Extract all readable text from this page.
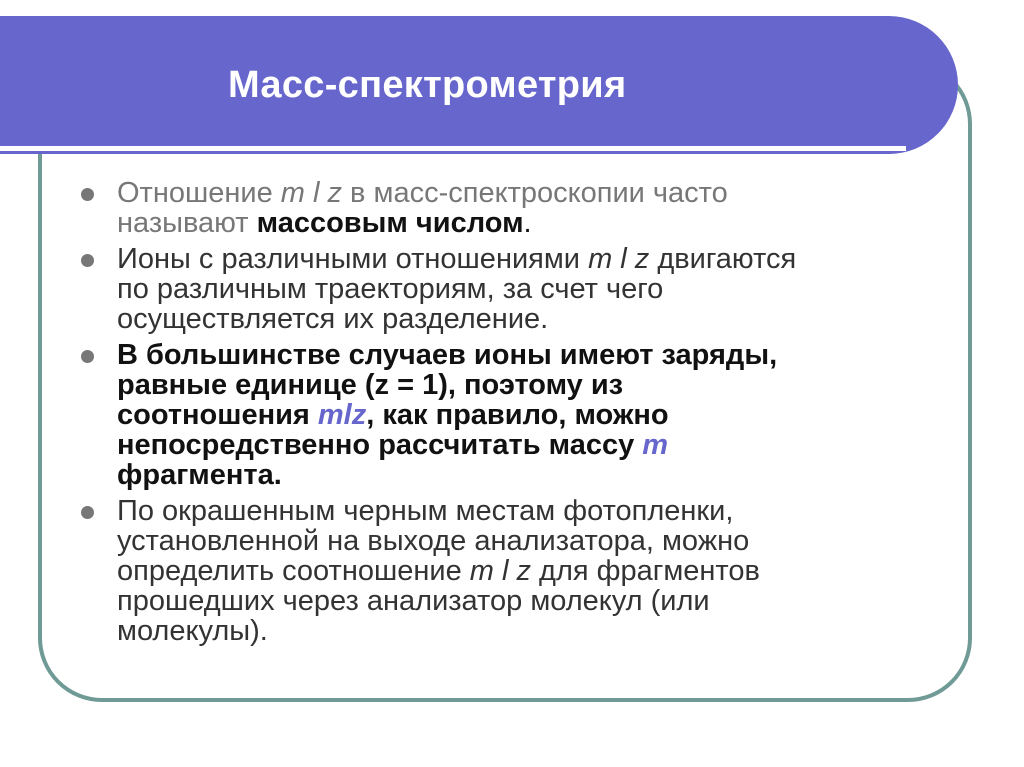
Масс-спектрометрия
Отношение m l z в масс-спектроскопии часто
называют массовым числом.
Ионы с различными отношениями m l z двигаются
по различным траекториям, за счет чего
осуществляется их разделение.
В большинстве случаев ионы имеют заряды,
равные единице (z = 1), поэтому из
соотношения mlz, как правило, можно
непосредственно рассчитать массу m
фрагмента.
По окрашенным черным местам фотопленки,
установленной на выходе анализатора, можно
определить соотношение m l z для фрагментов
прошедших через анализатор молекул (или
молекулы).
